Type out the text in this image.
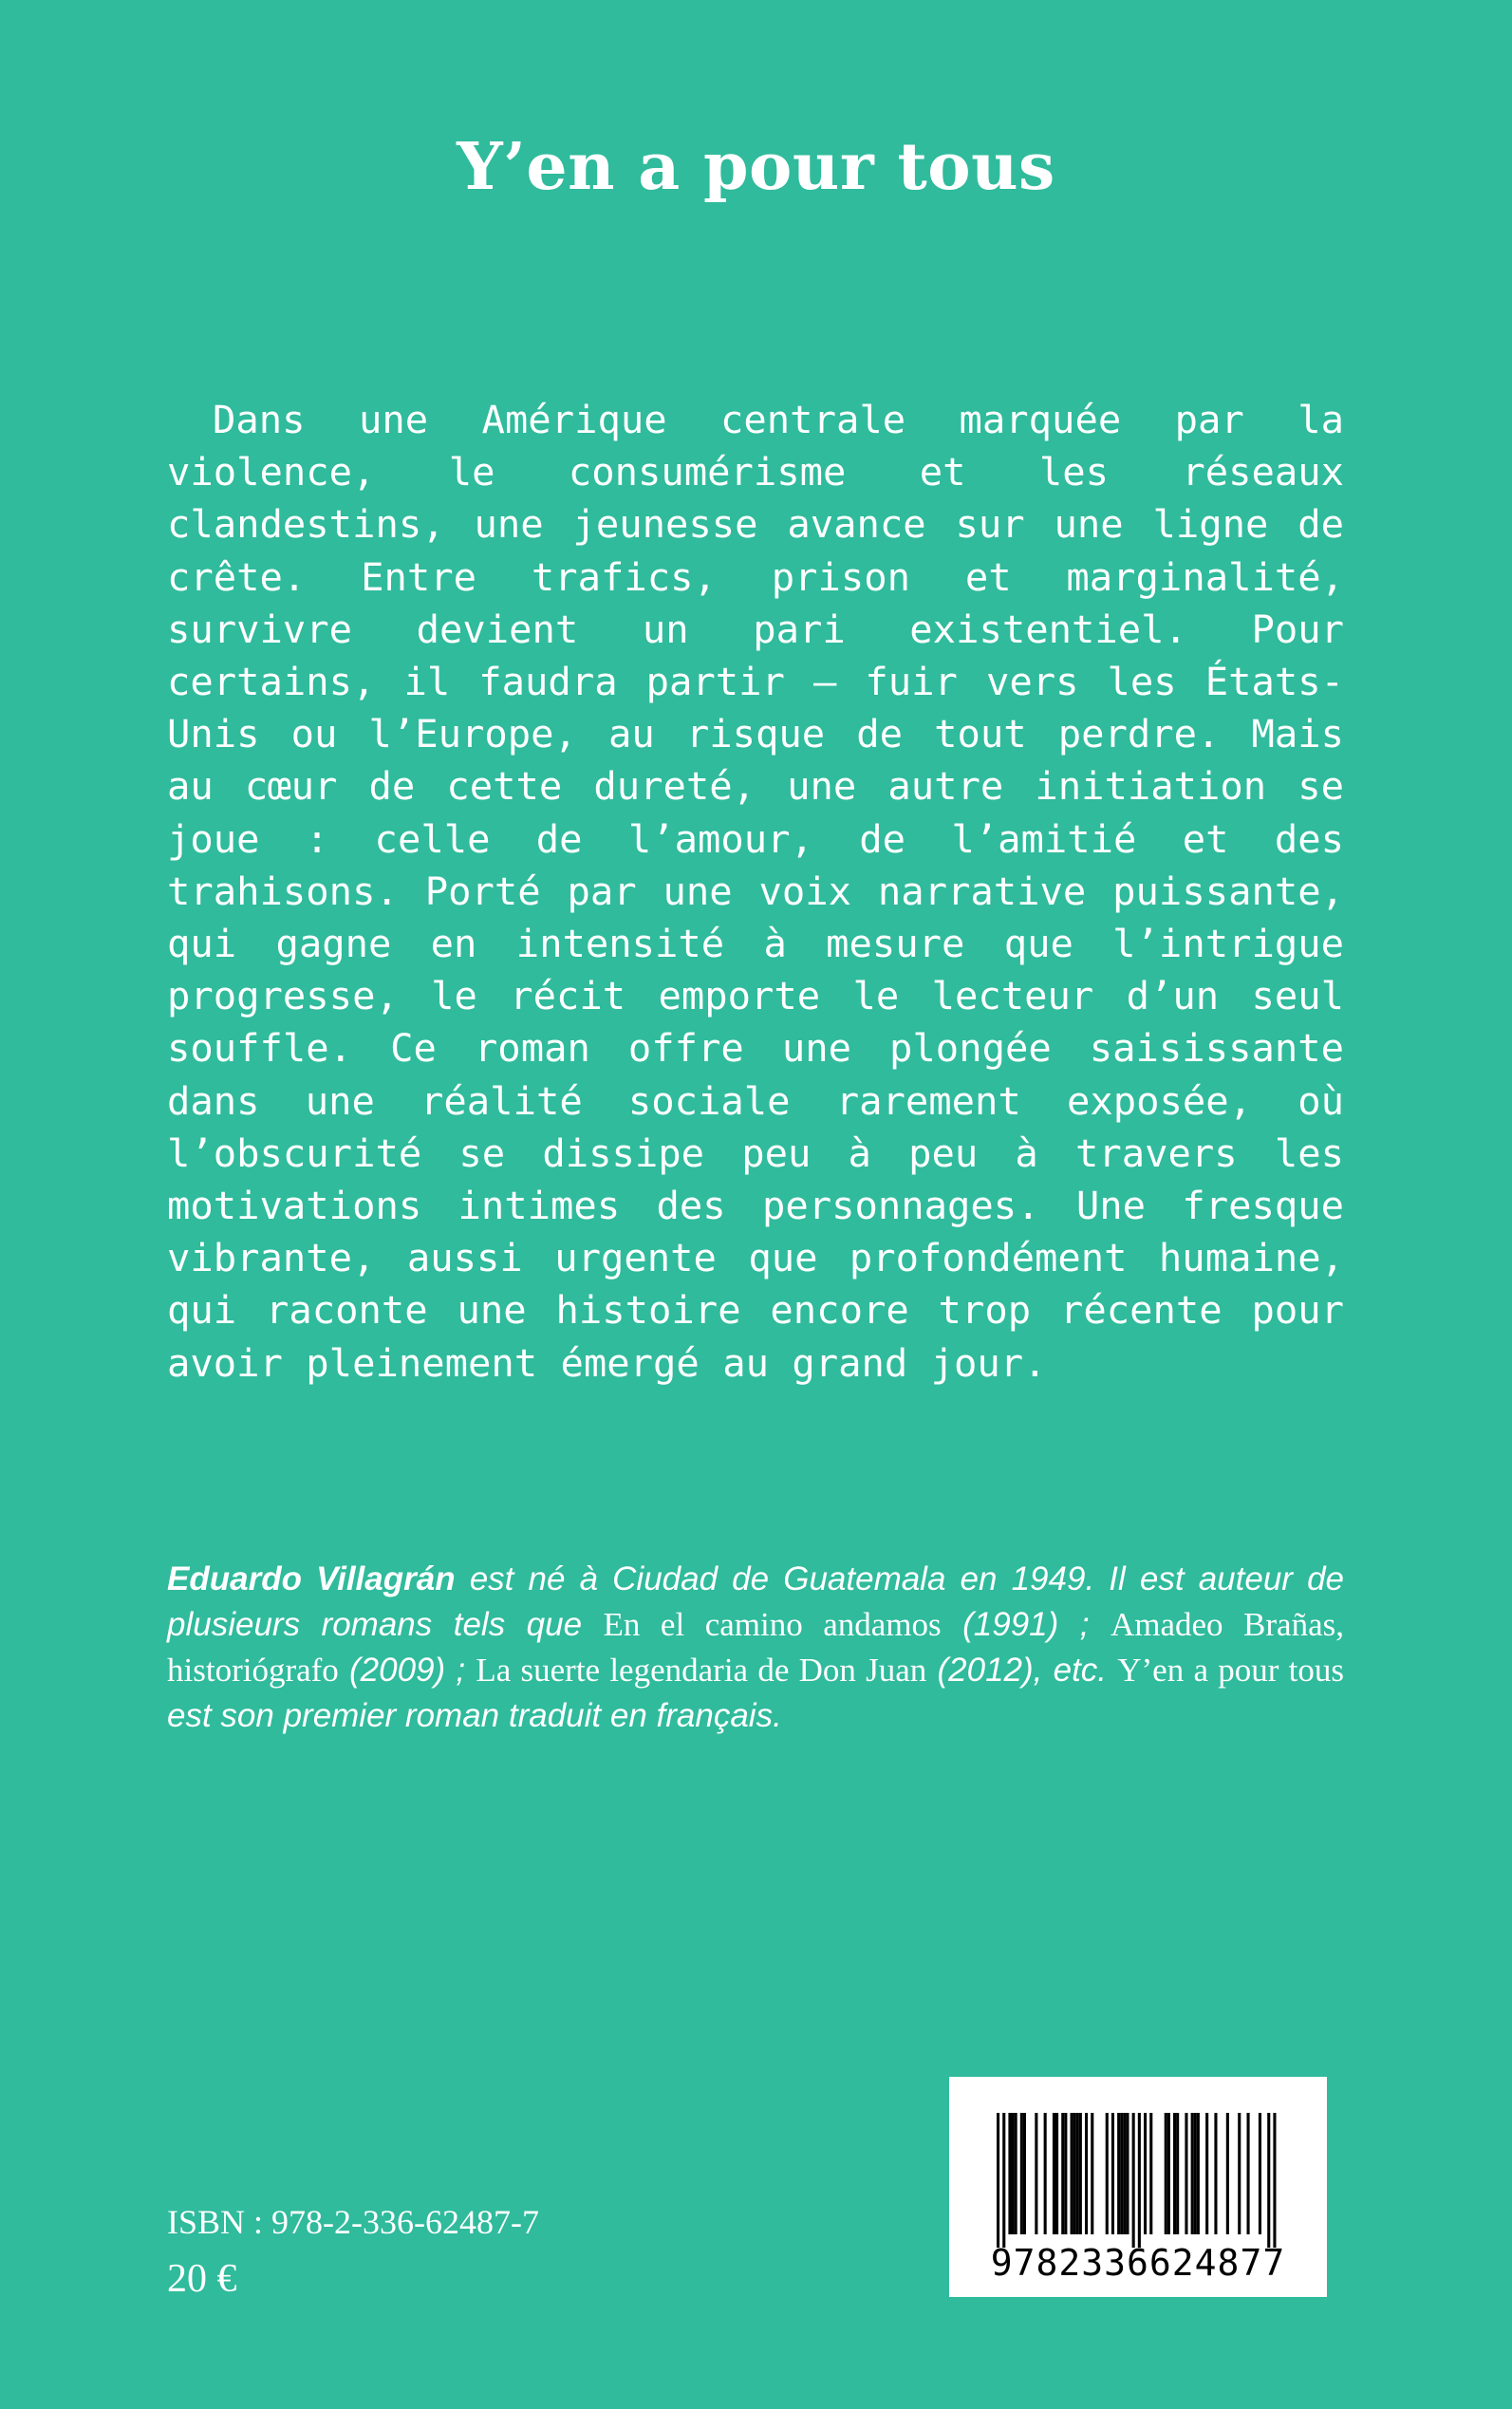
Y’en a pour tous

Dans une Amérique centrale marquée par la violence, le consumérisme et les réseaux clandestins, une jeunesse avance sur une ligne de crête. Entre trafics, prison et marginalité, survivre devient un pari existentiel. Pour certains, il faudra partir — fuir vers les États-Unis ou l’Europe, au risque de tout perdre. Mais au cœur de cette dureté, une autre initiation se joue : celle de l’amour, de l’amitié et des trahisons. Porté par une voix narrative puissante, qui gagne en intensité à mesure que l’intrigue progresse, le récit emporte le lecteur d’un seul souffle. Ce roman offre une plongée saisissante dans une réalité sociale rarement exposée, où l’obscurité se dissipe peu à peu à travers les motivations intimes des personnages. Une fresque vibrante, aussi urgente que profondément humaine, qui raconte une histoire encore trop récente pour avoir pleinement émergé au grand jour.

Eduardo Villagrán est né à Ciudad de Guatemala en 1949. Il est auteur de plusieurs romans tels que En el camino andamos (1991) ; Amadeo Brañas, historiógrafo (2009) ; La suerte legendaria de Don Juan (2012), etc. Y’en a pour tous est son premier roman traduit en français.

ISBN : 978-2-336-62487-7

20 €	9782336624877
